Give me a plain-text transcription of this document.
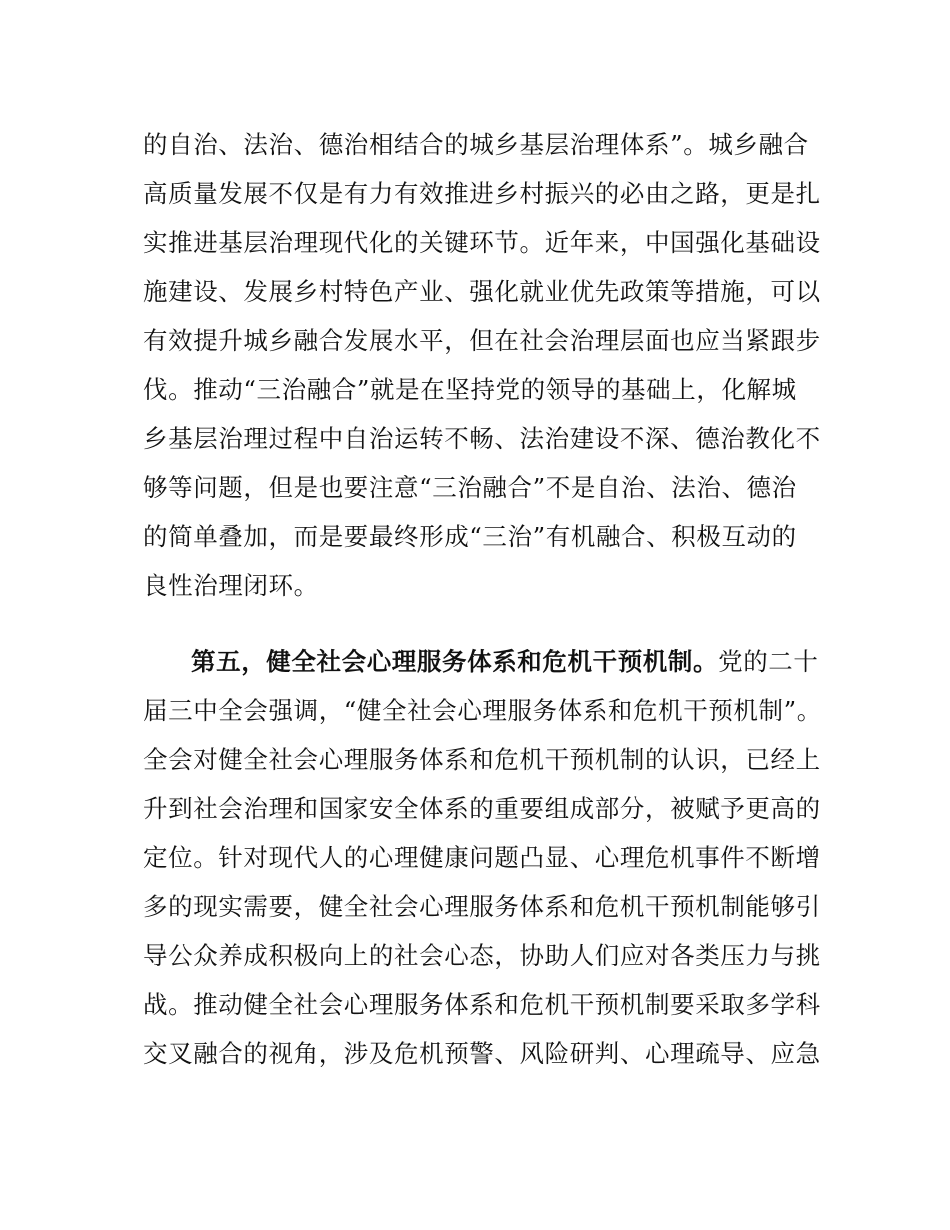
的自治、法治、德治相结合的城乡基层治理体系”。城乡融合
高质量发展不仅是有力有效推进乡村振兴的必由之路，更是扎
实推进基层治理现代化的关键环节。近年来，中国强化基础设
施建设、发展乡村特色产业、强化就业优先政策等措施，可以
有效提升城乡融合发展水平，但在社会治理层面也应当紧跟步
伐。推动“三治融合”就是在坚持党的领导的基础上，化解城
乡基层治理过程中自治运转不畅、法治建设不深、德治教化不
够等问题，但是也要注意“三治融合”不是自治、法治、德治
的简单叠加，而是要最终形成“三治”有机融合、积极互动的
良性治理闭环。
第五，健全社会心理服务体系和危机干预机制。党的二十
届三中全会强调，“健全社会心理服务体系和危机干预机制”。
全会对健全社会心理服务体系和危机干预机制的认识，已经上
升到社会治理和国家安全体系的重要组成部分，被赋予更高的
定位。针对现代人的心理健康问题凸显、心理危机事件不断增
多的现实需要，健全社会心理服务体系和危机干预机制能够引
导公众养成积极向上的社会心态，协助人们应对各类压力与挑
战。推动健全社会心理服务体系和危机干预机制要采取多学科
交叉融合的视角，涉及危机预警、风险研判、心理疏导、应急
